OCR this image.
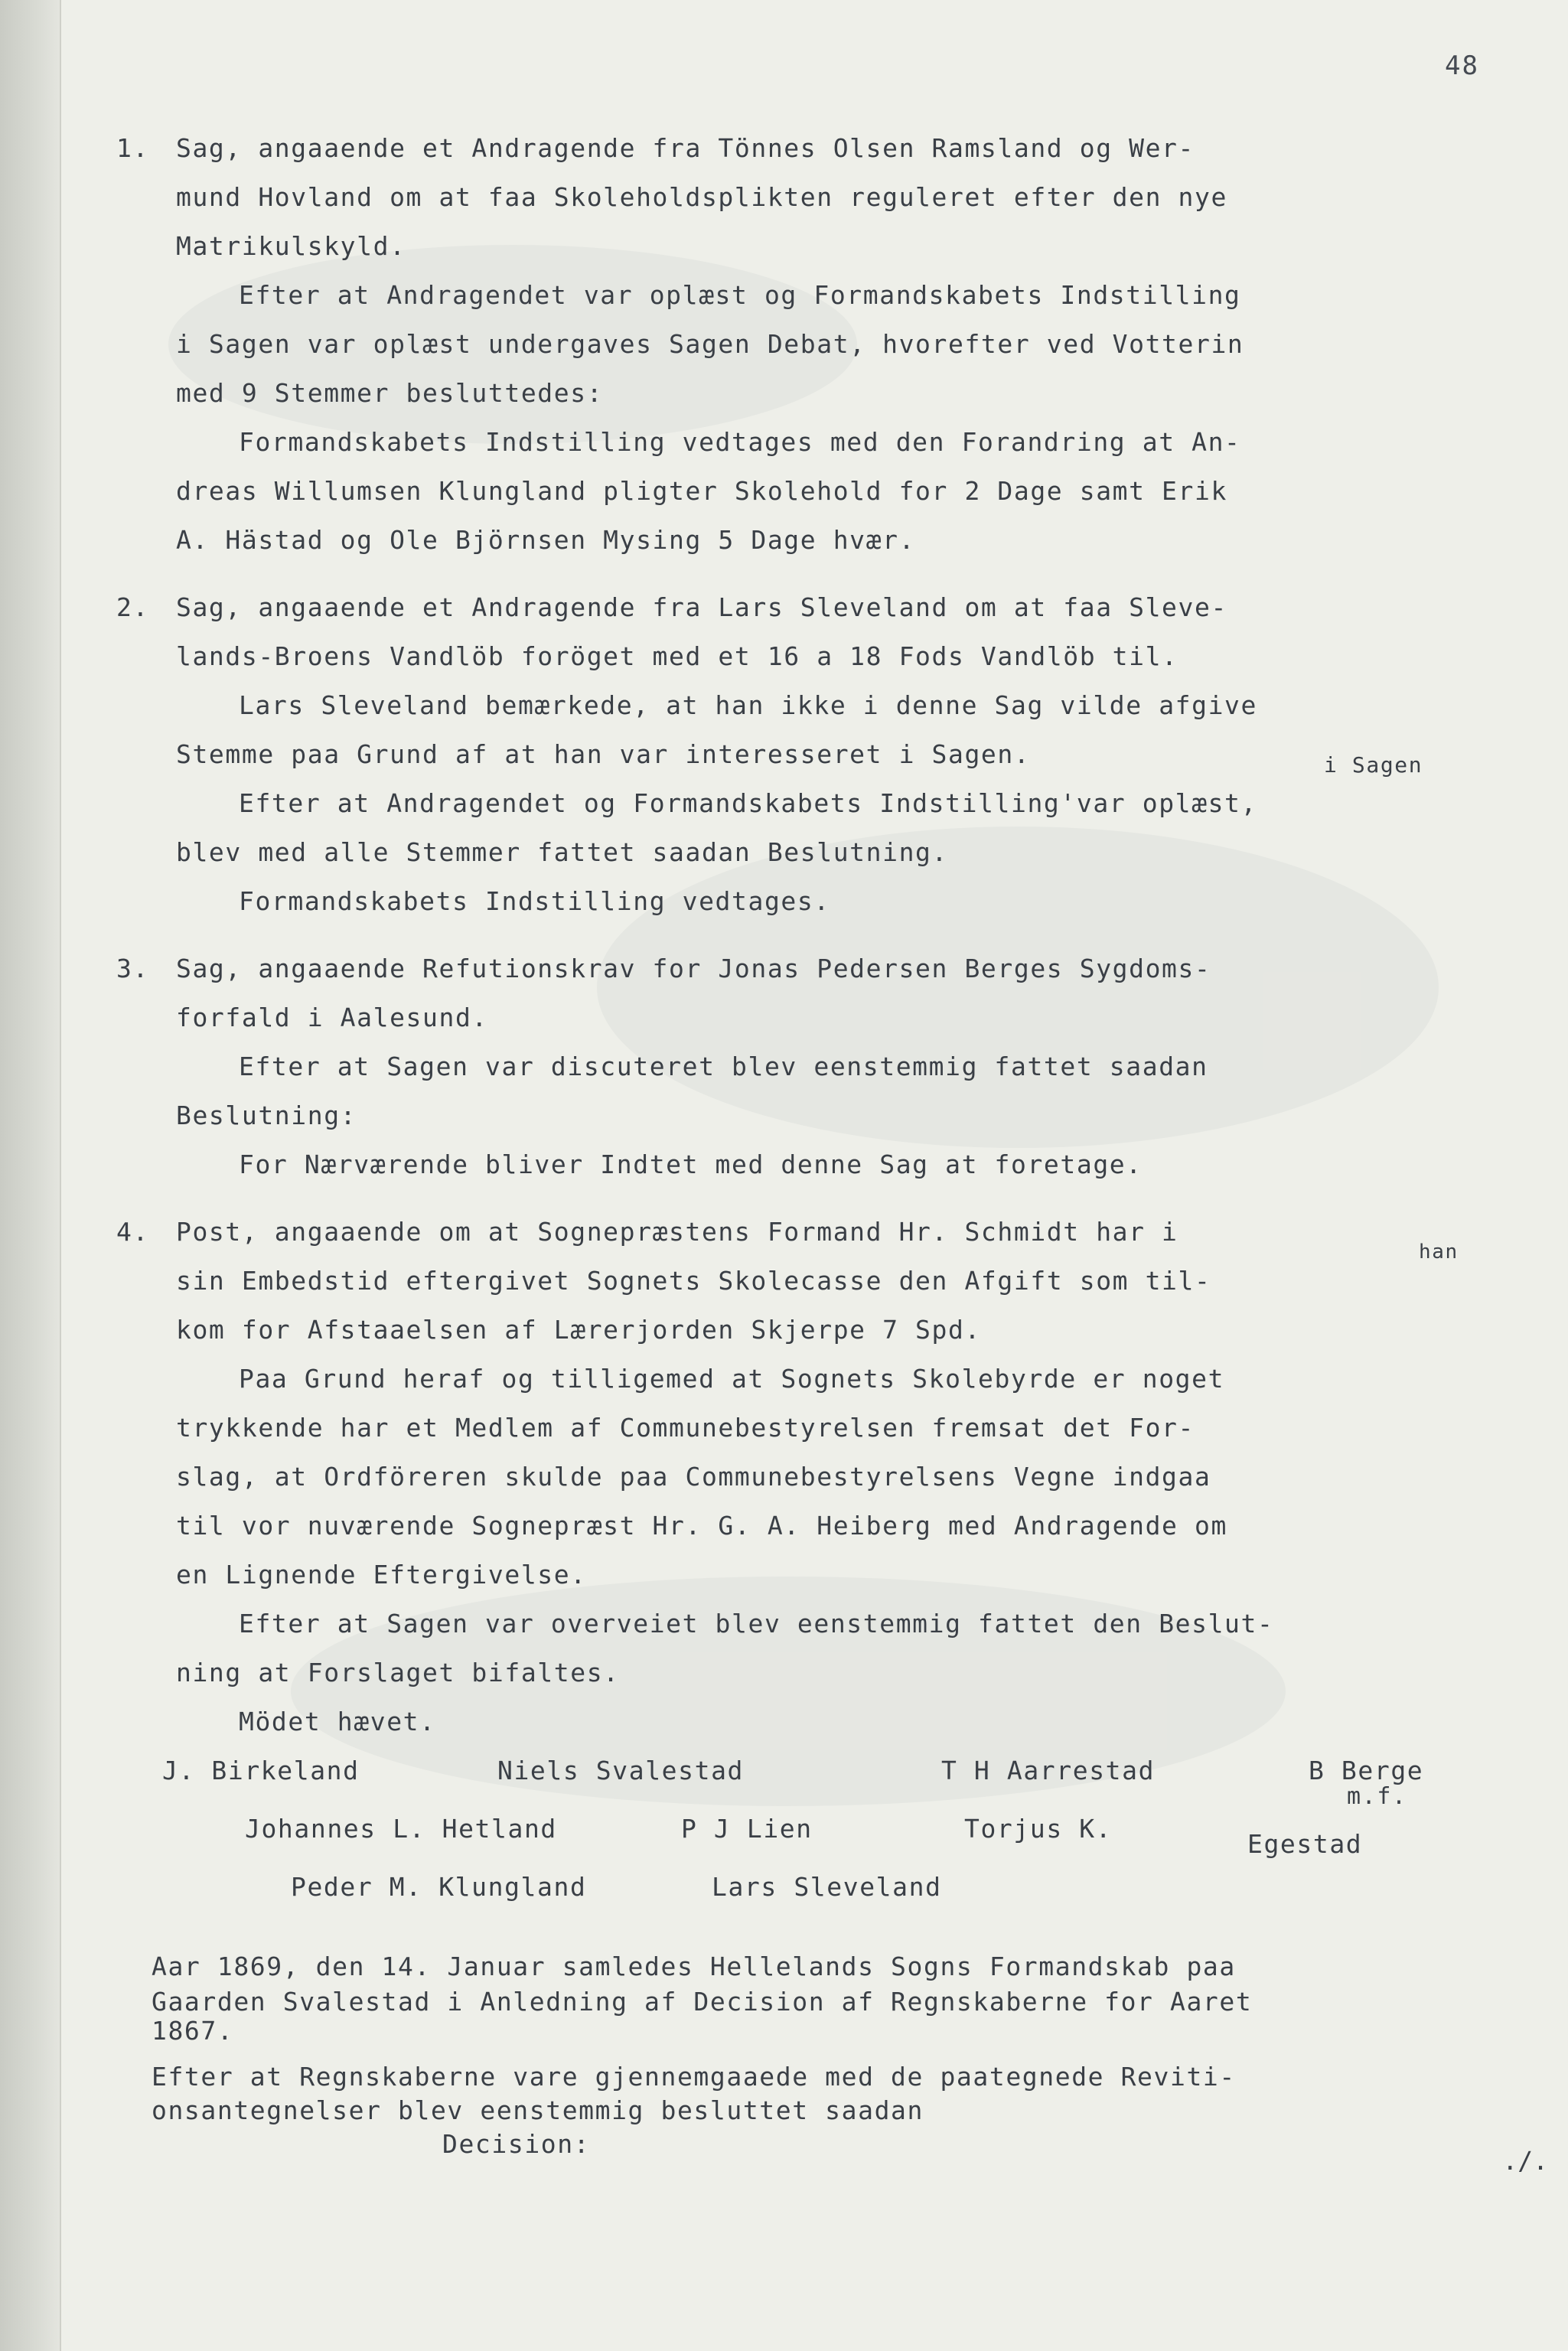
48
1. Sag, angaaende et Andragende fra Tönnes Olsen Ramsland og Wer-
mund Hovland om at faa Skoleholdsplikten reguleret efter den nye
Matrikulskyld.
Efter at Andragendet var oplæst og Formandskabets Indstilling
i Sagen var oplæst undergaves Sagen Debat, hvorefter ved Votterin
med 9 Stemmer besluttedes:
Formandskabets Indstilling vedtages med den Forandring at An-
dreas Willumsen Klungland pligter Skolehold for 2 Dage samt Erik
A. Hästad og Ole Björnsen Mysing 5 Dage hvær.
2. Sag, angaaende et Andragende fra Lars Sleveland om at faa Sleve-
lands-Broens Vandlöb foröget med et 16 a 18 Fods Vandlöb til.
Lars Sleveland bemærkede, at han ikke i denne Sag vilde afgive
Stemme paa Grund af at han var interesseret i Sagen.	i Sagen
Efter at Andragendet og Formandskabets Indstilling'var oplæst,
blev med alle Stemmer fattet saadan Beslutning.
Formandskabets Indstilling vedtages.
3. Sag, angaaende Refutionskrav for Jonas Pedersen Berges Sygdoms-
forfald i Aalesund.
Efter at Sagen var discuteret blev eenstemmig fattet saadan
Beslutning:
For Nærværende bliver Indtet med denne Sag at foretage.
4. Post, angaaende om at Sognepræstens Formand Hr. Schmidt har i
han
sin Embedstid eftergivet Sognets Skolecasse den Afgift som til-
kom for Afstaaelsen af Lærerjorden Skjerpe 7 Spd.
Paa Grund heraf og tilligemed at Sognets Skolebyrde er noget
trykkende har et Medlem af Communebestyrelsen fremsat det For-
slag, at Ordföreren skulde paa Communebestyrelsens Vegne indgaa
til vor nuværende Sognepræst Hr. G. A. Heiberg med Andragende om
en Lignende Eftergivelse.
Efter at Sagen var overveiet blev eenstemmig fattet den Beslut-
ning at Forslaget bifaltes.
Mödet hævet.

J. Birkeland

	Niels Svalestad

	T H Aarrestad

	B Berge

m.f.

Johannes L. Hetland

	P J Lien

	Torjus K.

Egestad

Peder M. Klungland

	Lars Sleveland

Aar 1869, den 14. Januar samledes Hellelands Sogns Formandskab paa
Gaarden Svalestad i Anledning af Decision af Regnskaberne for Aaret
1867.
Efter at Regnskaberne vare gjennemgaaede med de paategnede Reviti-
onsantegnelser blev eenstemmig besluttet saadan
Decision:
./.
